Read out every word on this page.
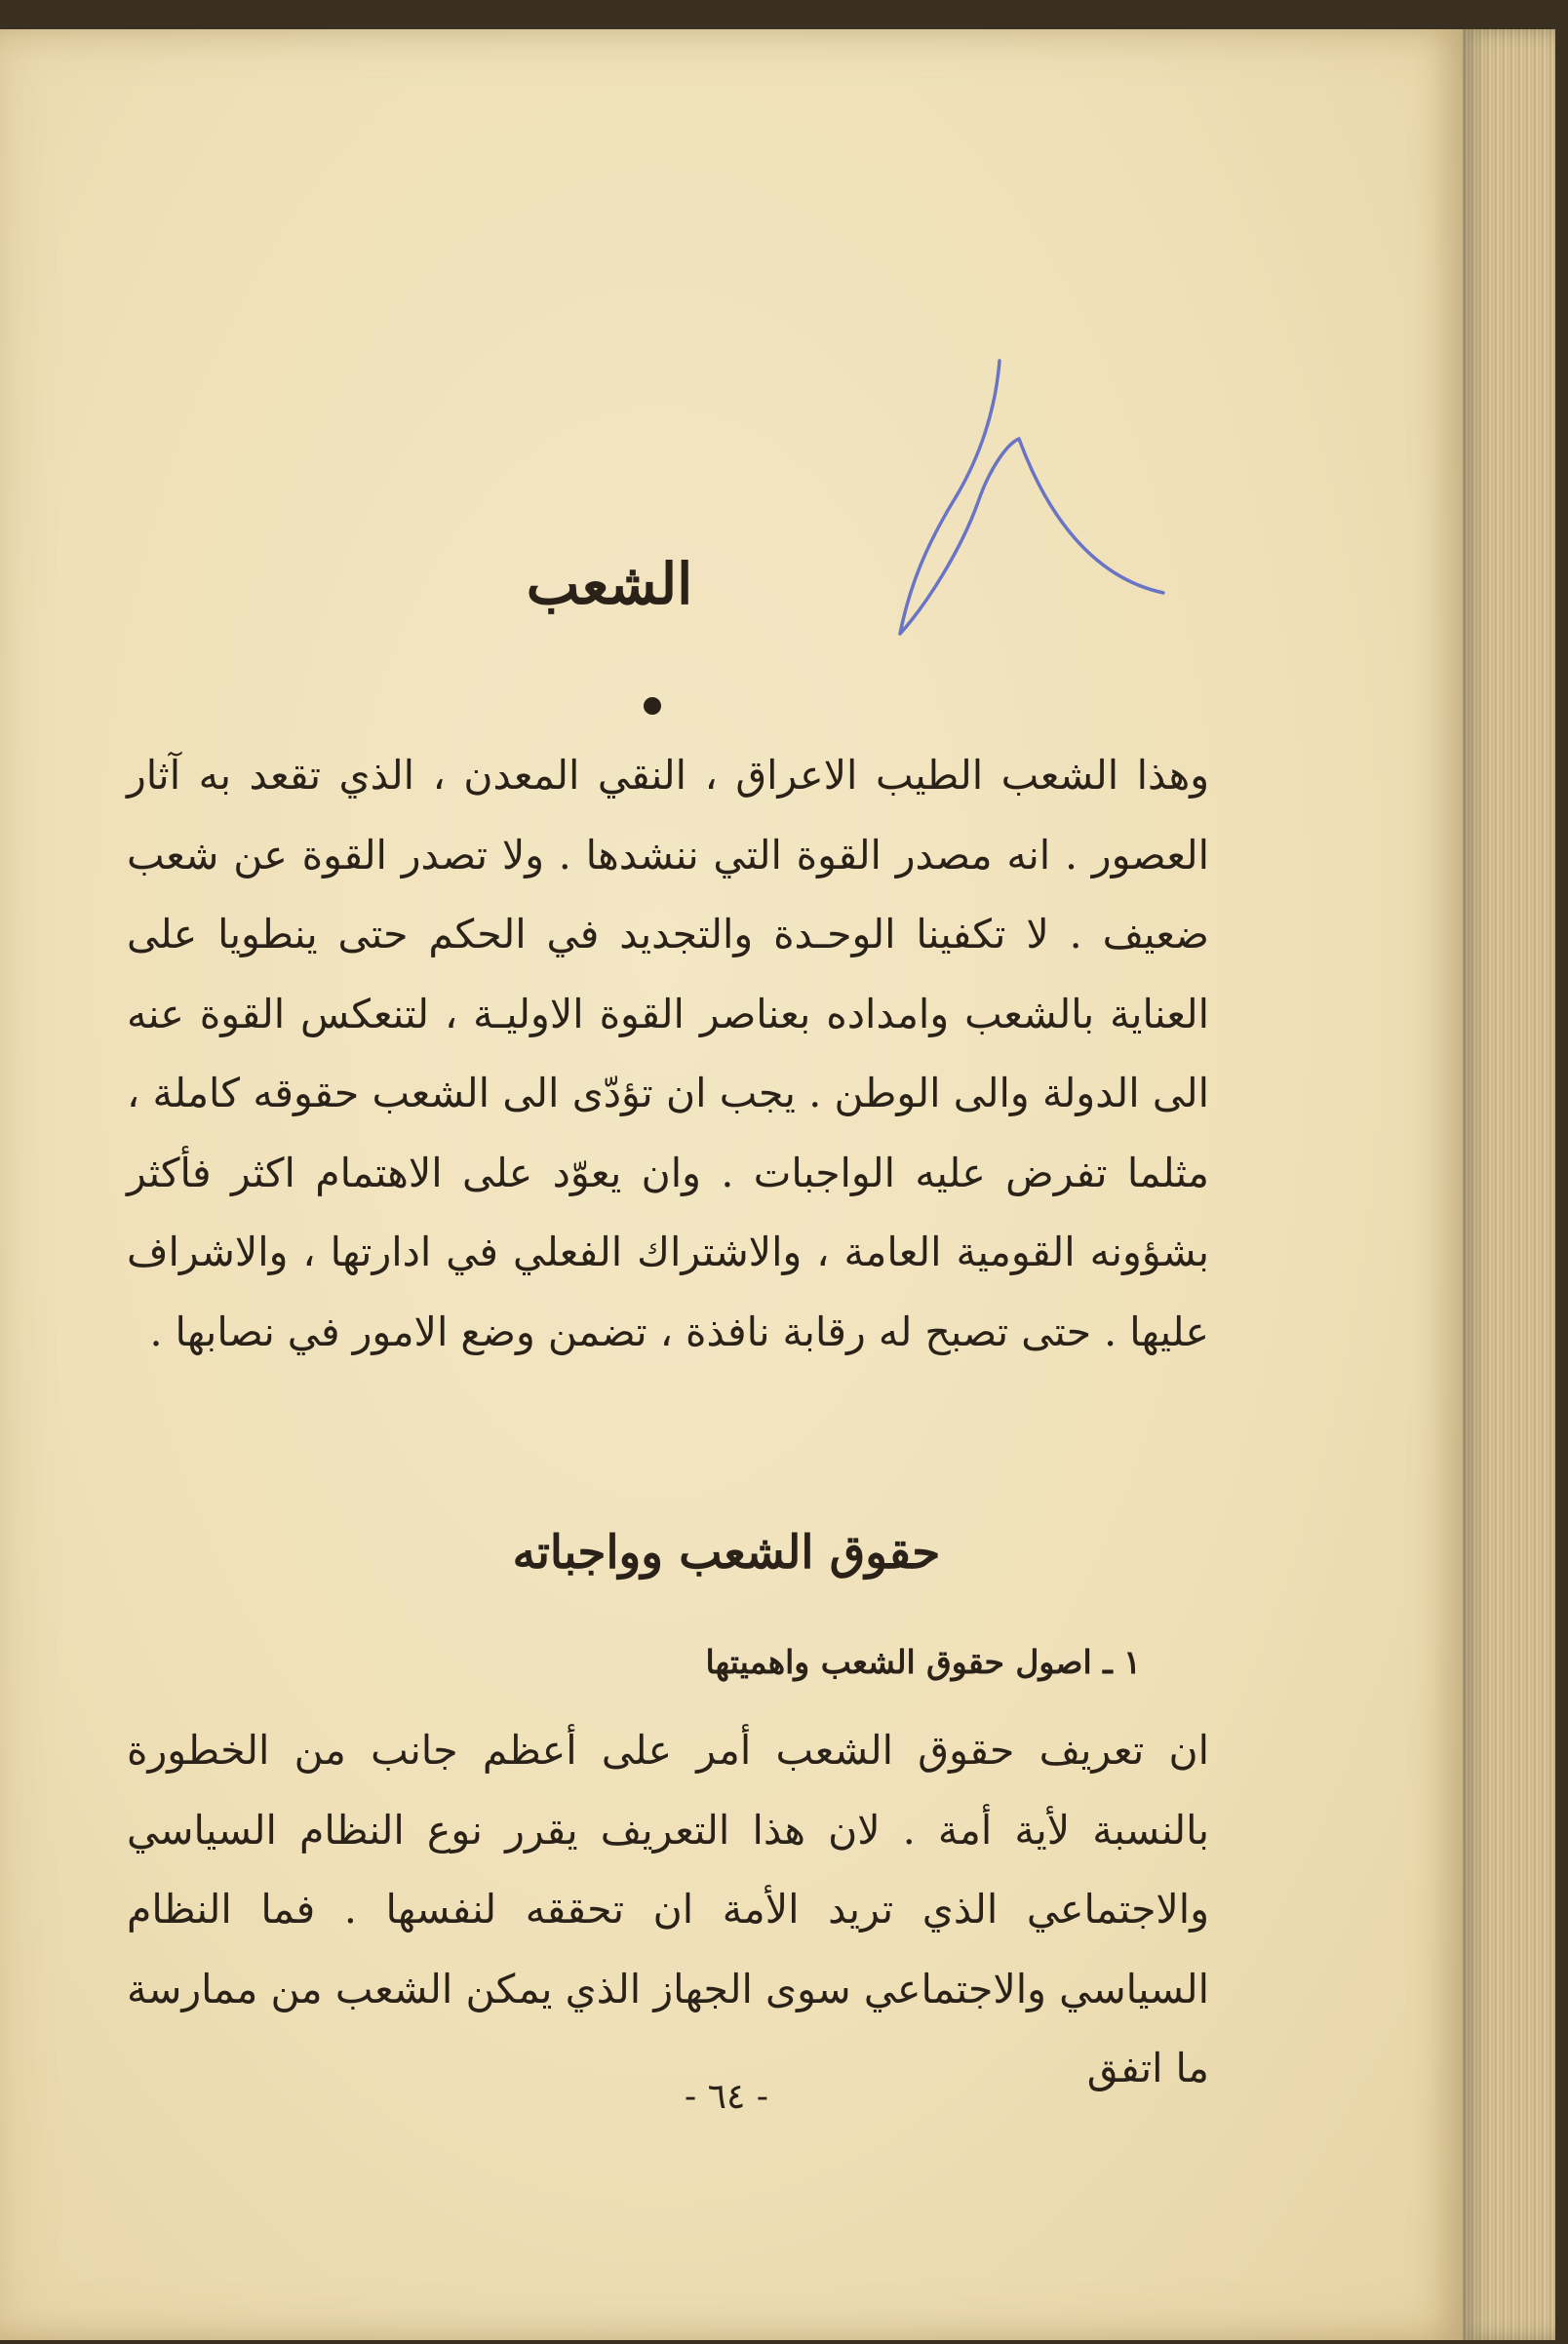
الشعب

وهذا الشعب الطيب الاعراق ، النقي المعدن ، الذي تقعد به آثار العصور . انه مصدر القوة التي ننشدها . ولا تصدر القوة عن شعب ضعيف . لا تكفينا الوحـدة والتجديد في الحكم حتى ينطويا على العناية بالشعب وامداده بعناصر القوة الاوليـة ، لتنعكس القوة عنه الى الدولة والى الوطن . يجب ان تؤدّى الى الشعب حقوقه كاملة ، مثلما تفرض عليه الواجبات . وان يعوّد على الاهتمام اكثر فأكثر بشؤونه القومية العامة ، والاشتراك الفعلي في ادارتها ، والاشراف عليها . حتى تصبح له رقابة نافذة ، تضمن وضع الامور في نصابها .

حقوق الشعب وواجباته
١ ـ اصول حقوق الشعب واهميتها

ان تعريف حقوق الشعب أمر على أعظم جانب من الخطورة بالنسبة لأية أمة . لان هذا التعريف يقرر نوع النظام السياسي والاجتماعي الذي تريد الأمة ان تحققه لنفسها . فما النظام السياسي والاجتماعي سوى الجهاز الذي يمكن الشعب من ممارسة ما اتفق

- ٦٤ -
